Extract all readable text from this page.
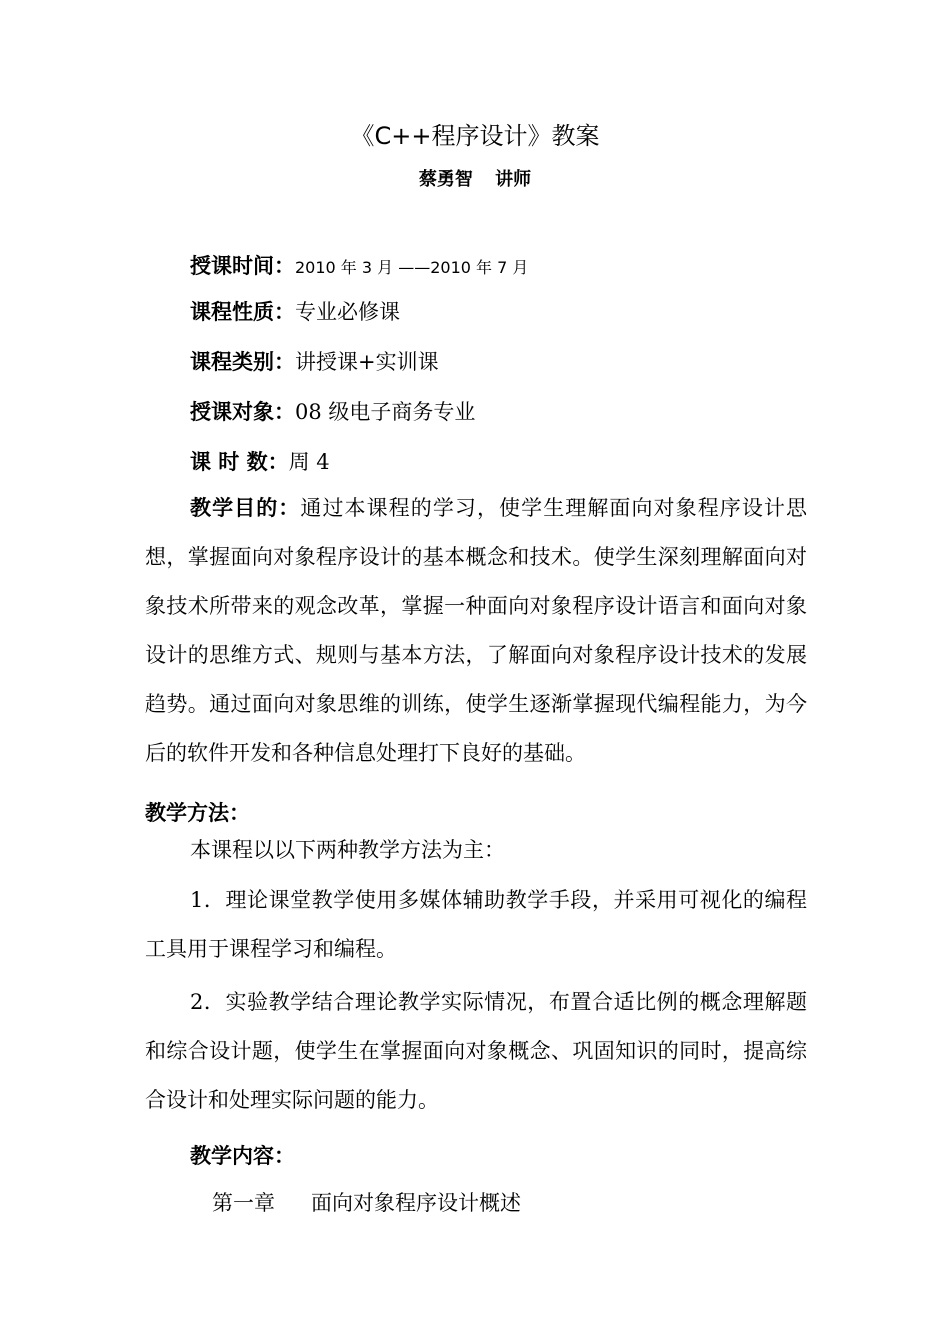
《C++程序设计》教案
蔡勇智 讲师
授课时间：2010 年 3 月 ——2010 年 7 月
课程性质：专业必修课
课程类别：讲授课+实训课
授课对象：08 级电子商务专业
课 时 数：周 4
教学目的：通过本课程的学习，使学生理解面向对象程序设计思想，掌握面向对象程序设计的基本概念和技术。使学生深刻理解面向对象技术所带来的观念改革，掌握一种面向对象程序设计语言和面向对象设计的思维方式、规则与基本方法，了解面向对象程序设计技术的发展趋势。通过面向对象思维的训练，使学生逐渐掌握现代编程能力，为今后的软件开发和各种信息处理打下良好的基础。
教学方法：
本课程以以下两种教学方法为主：
1．理论课堂教学使用多媒体辅助教学手段，并采用可视化的编程工具用于课程学习和编程。
2．实验教学结合理论教学实际情况，布置合适比例的概念理解题和综合设计题，使学生在掌握面向对象概念、巩固知识的同时，提高综合设计和处理实际问题的能力。
教学内容：
第一章 面向对象程序设计概述
